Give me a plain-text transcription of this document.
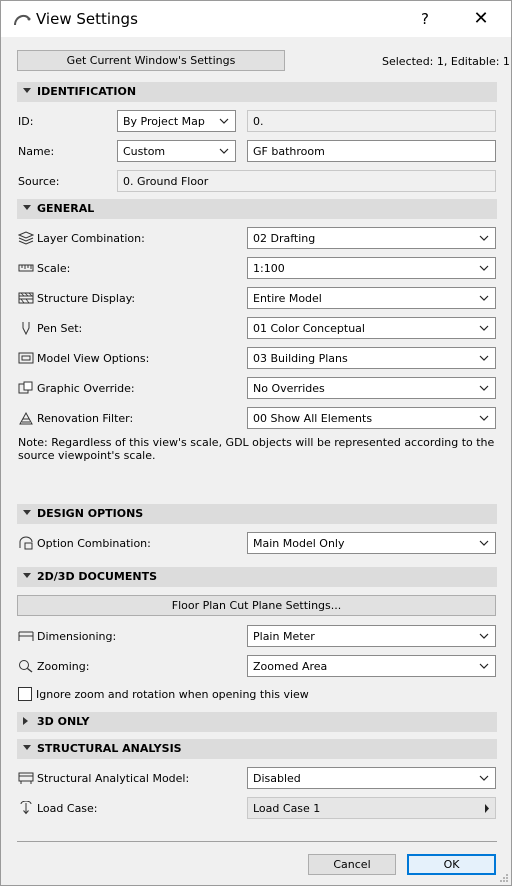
View Settings	?	✕
Get Current Window's Settings	Selected: 1, Editable: 1
IDENTIFICATION
ID:	By Project Map	0.
Name:	Custom	GF bathroom
Source:	0. Ground Floor
GENERAL
Layer Combination:	02 Drafting
Scale:	1:100
Structure Display:	Entire Model
Pen Set:	01 Color Conceptual
Model View Options:	03 Building Plans
Graphic Override:	No Overrides
Renovation Filter:	00 Show All Elements
Note: Regardless of this view's scale, GDL objects will be represented according to the source viewpoint's scale.
DESIGN OPTIONS
Option Combination:	Main Model Only
2D/3D DOCUMENTS
Floor Plan Cut Plane Settings...
Dimensioning:	Plain Meter
Zooming:	Zoomed Area
Ignore zoom and rotation when opening this view
3D ONLY
STRUCTURAL ANALYSIS
Structural Analytical Model:	Disabled
Load Case:	Load Case 1
Cancel	OK
